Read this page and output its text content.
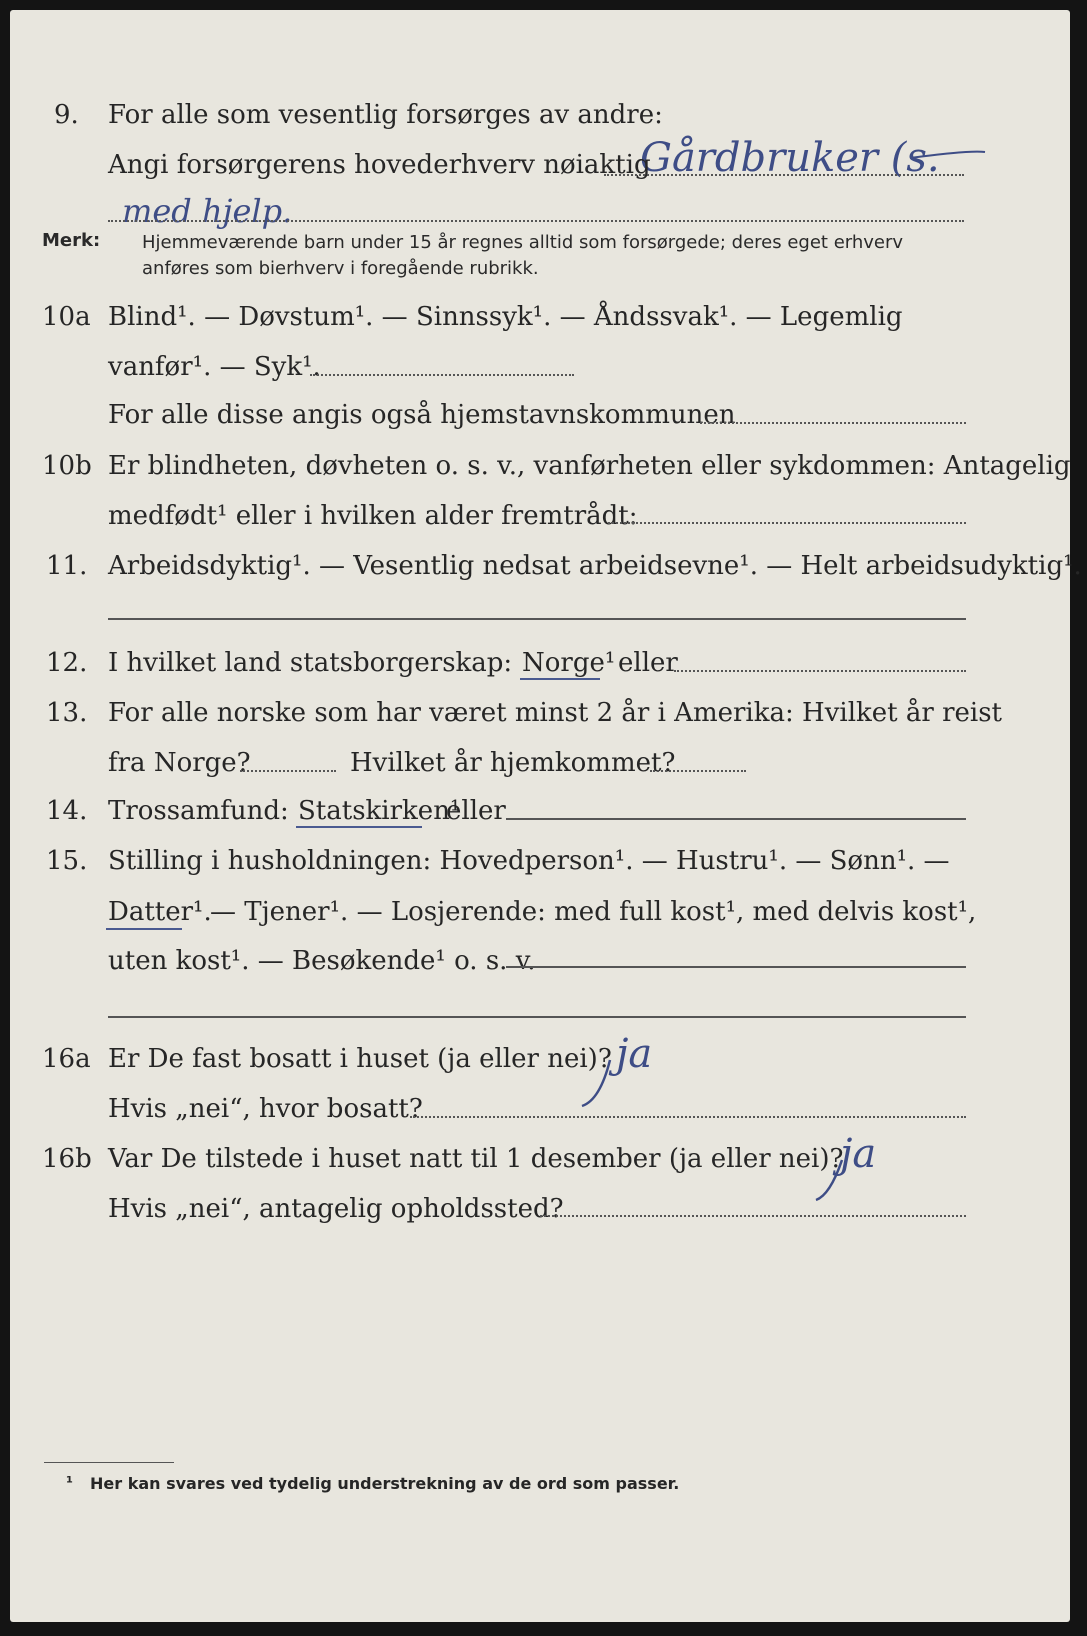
9. For alle som vesentlig forsørges av andre:
Gårdbruker (s.
Angi forsørgerens hovederhverv nøiaktig
med hjelp.
Merk: Hjemmeværende barn under 15 år regnes alltid som forsørgede; deres eget erhverv
anføres som bierhverv i foregående rubrikk.
10a Blind¹. — Døvstum¹. — Sinnssyk¹. — Åndssvak¹. — Legemlig
vanfør¹. — Syk¹.
For alle disse angis også hjemstavnskommunen
10b Er blindheten, døvheten o. s. v., vanførheten eller sykdommen: Antagelig
medfødt¹ eller i hvilken alder fremtrådt:
11. Arbeidsdyktig¹. — Vesentlig nedsat arbeidsevne¹. — Helt arbeidsudyktig¹.
12. I hvilket land statsborgerskap: Norge¹ eller
13. For alle norske som har været minst 2 år i Amerika: Hvilket år reist
fra Norge?	Hvilket år hjemkommet?
14. Trossamfund: Statskirken¹
eller
15. Stilling i husholdningen: Hovedperson¹. — Hustru¹. — Sønn¹. —
Datter¹.
— Tjener¹. — Losjerende: med full kost¹, med delvis kost¹,
uten kost¹. — Besøkende¹ o. s. v.
16a Er De fast bosatt i huset (ja eller nei)? ja
Hvis „nei“, hvor bosatt?
16b Var De tilstede i huset natt til 1 desember (ja eller nei)?
ja
Hvis „nei“, antagelig opholdssted?
¹ Her kan svares ved tydelig understrekning av de ord som passer.
